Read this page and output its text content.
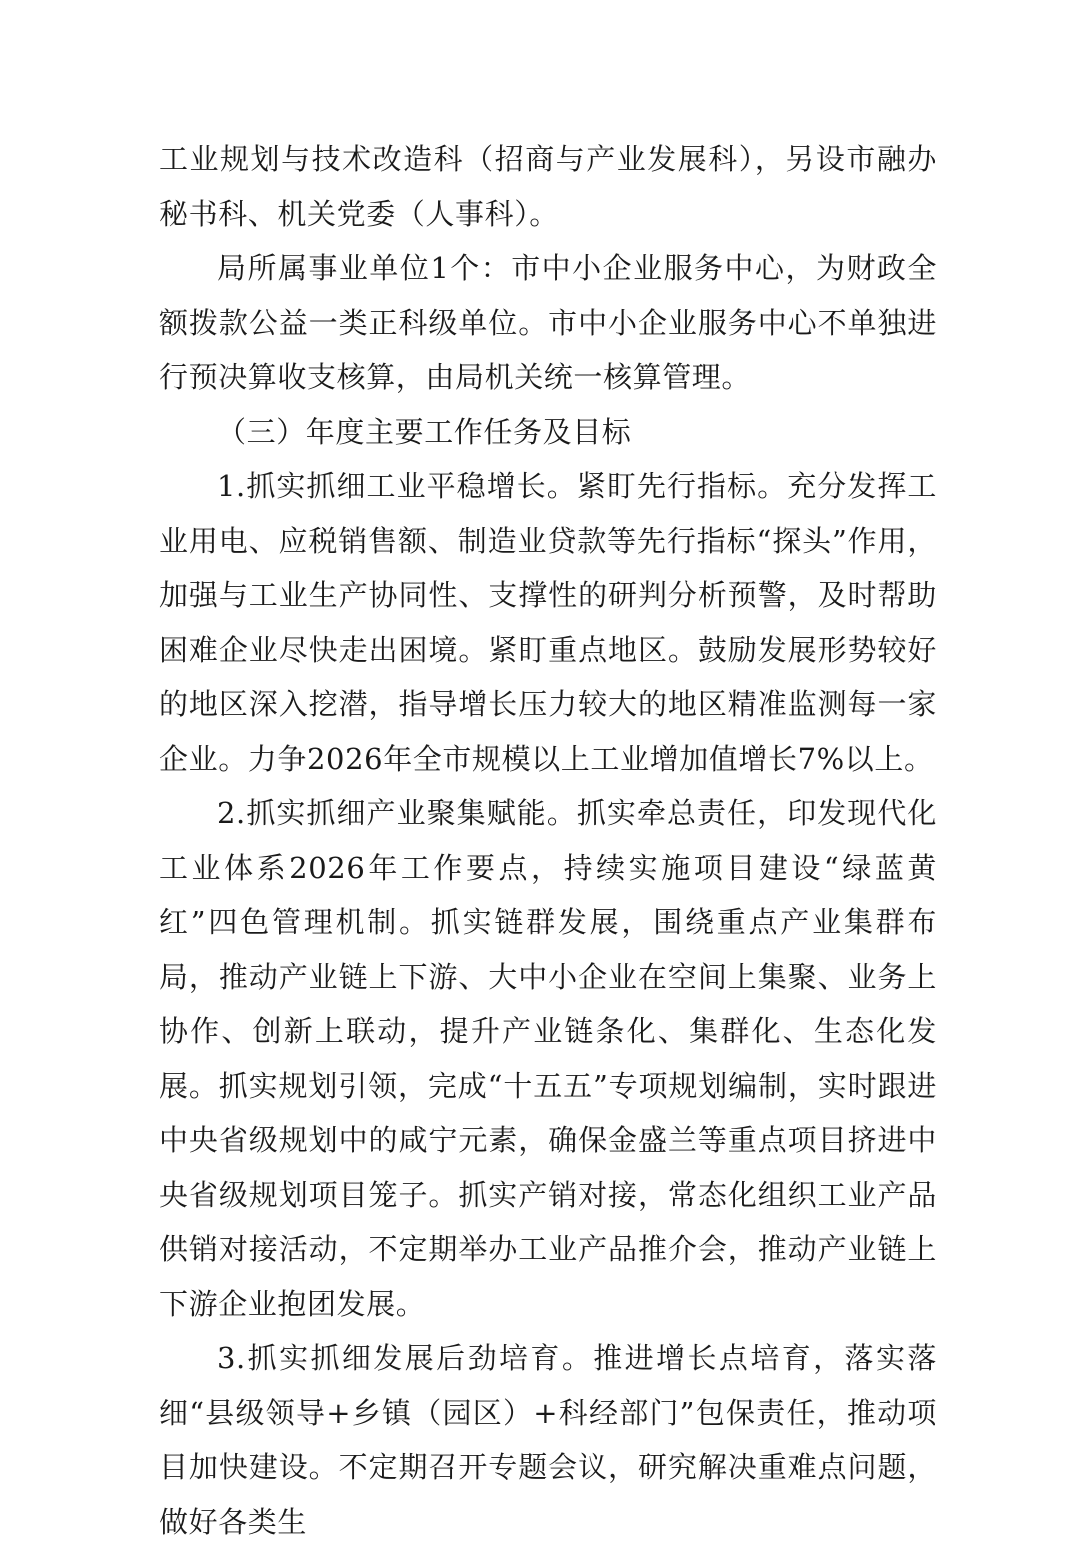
工业规划与技术改造科（招商与产业发展科），另设市融办秘书科、机关党委（人事科）。

局所属事业单位1个：市中小企业服务中心，为财政全额拨款公益一类正科级单位。市中小企业服务中心不单独进行预决算收支核算，由局机关统一核算管理。

（三）年度主要工作任务及目标

1.抓实抓细工业平稳增长。紧盯先行指标。充分发挥工业用电、应税销售额、制造业贷款等先行指标“探头”作用，加强与工业生产协同性、支撑性的研判分析预警，及时帮助困难企业尽快走出困境。紧盯重点地区。鼓励发展形势较好的地区深入挖潜，指导增长压力较大的地区精准监测每一家企业。力争2026年全市规模以上工业增加值增长7%以上。

2.抓实抓细产业聚集赋能。抓实牵总责任，印发现代化工业体系2026年工作要点，持续实施项目建设“绿蓝黄红”四色管理机制。抓实链群发展，围绕重点产业集群布局，推动产业链上下游、大中小企业在空间上集聚、业务上协作、创新上联动，提升产业链条化、集群化、生态化发展。抓实规划引领，完成“十五五”专项规划编制，实时跟进中央省级规划中的咸宁元素，确保金盛兰等重点项目挤进中央省级规划项目笼子。抓实产销对接，常态化组织工业产品供销对接活动，不定期举办工业产品推介会，推动产业链上下游企业抱团发展。

3.抓实抓细发展后劲培育。推进增长点培育，落实落细“县级领导+乡镇（园区）+科经部门”包保责任，推动项目加快建设。不定期召开专题会议，研究解决重难点问题，做好各类生
